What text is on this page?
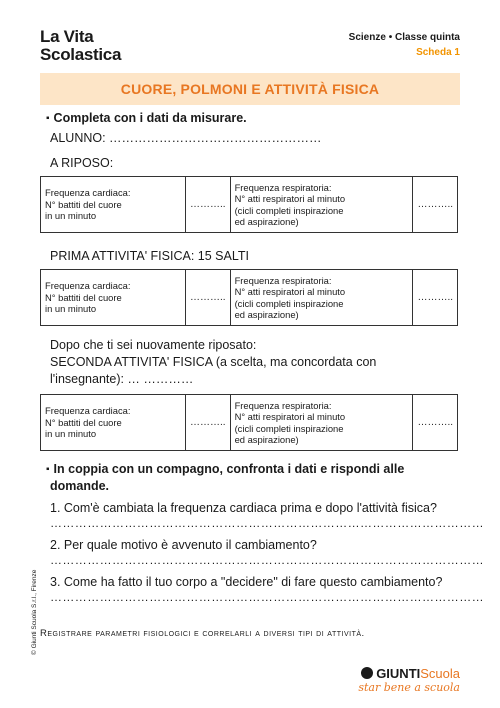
La Vita
Scolastica
Scienze • Classe quinta
Scheda 1
CUORE, POLMONI E ATTIVITÀ FISICA
▪ Completa con i dati da misurare.
ALUNNO: ……………………………………………
A RIPOSO:
Frequenza cardiaca:
N° battiti del cuore
in un minuto	………..	Frequenza respiratoria:
N° atti respiratori al minuto
(cicli completi inspirazione
ed aspirazione)	………..
PRIMA ATTIVITA' FISICA: 15 SALTI
Frequenza cardiaca:
N° battiti del cuore
in un minuto	………..	Frequenza respiratoria:
N° atti respiratori al minuto
(cicli completi inspirazione
ed aspirazione)	………..
Dopo che ti sei nuovamente riposato:
SECONDA ATTIVITA' FISICA (a scelta, ma concordata con
l'insegnante): … …………
Frequenza cardiaca:
N° battiti del cuore
in un minuto	………..	Frequenza respiratoria:
N° atti respiratori al minuto
(cicli completi inspirazione
ed aspirazione)	………..
▪ In coppia con un compagno, confronta i dati e rispondi alle
domande.
1. Com'è cambiata la frequenza cardiaca prima e dopo l'attività fisica?
……………………………………………………………………………………………
2. Per quale motivo è avvenuto il cambiamento?
……………………………………………………………………………………………
3. Come ha fatto il tuo corpo a "decidere" di fare questo cambiamento?
……………………………………………………………………………………………
Registrare parametri fisiologici e correlarli a diversi tipi di attività.
© Giunti Scuola S.r.l., Firenze
GIUNTIScuola
star bene a scuola
